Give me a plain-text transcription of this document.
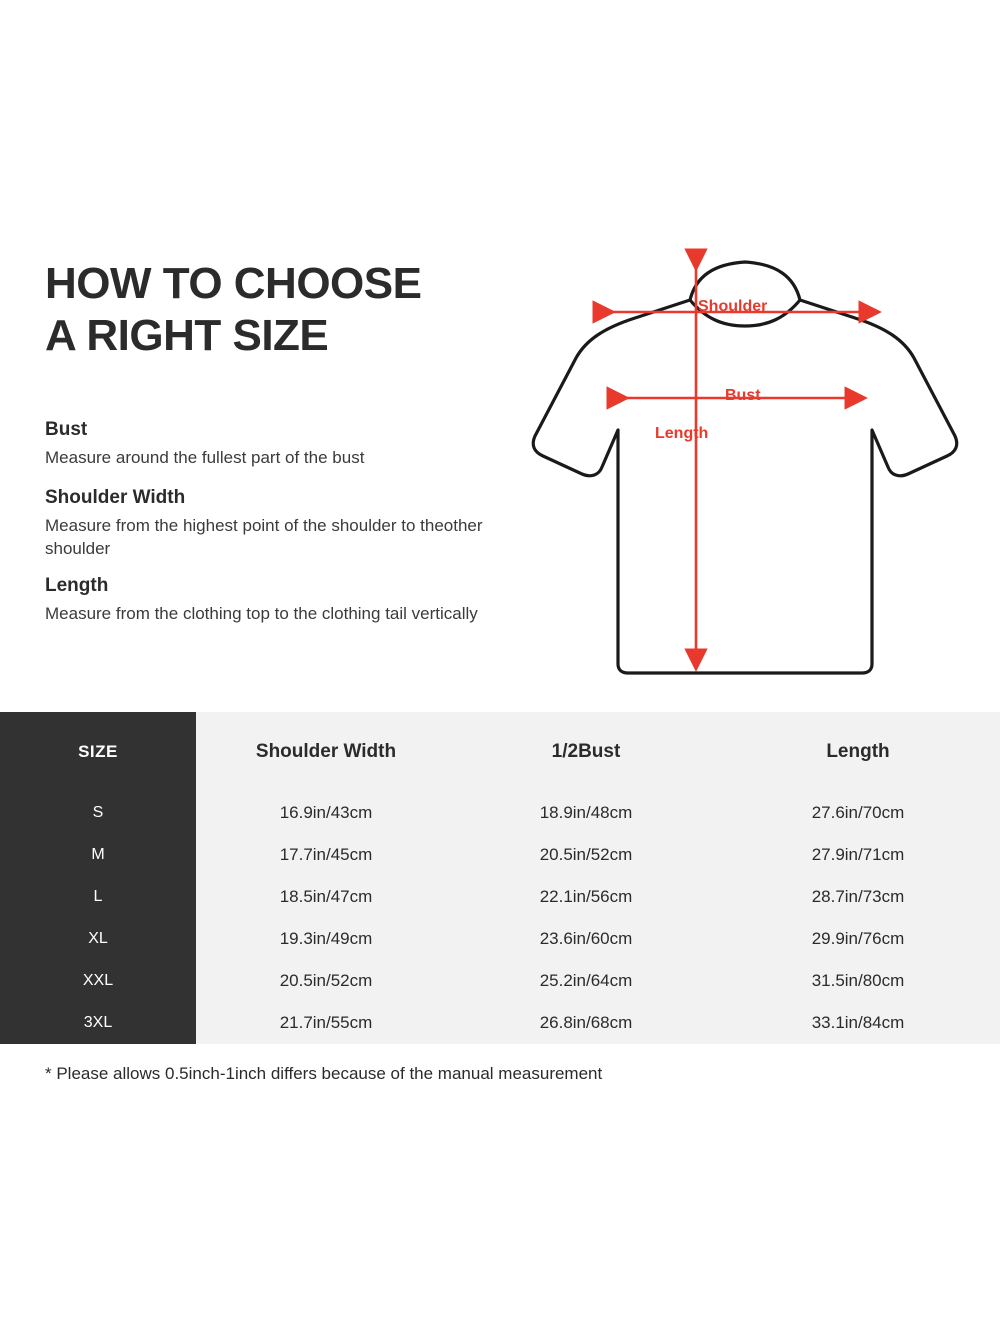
HOW TO CHOOSE
A RIGHT SIZE

Bust

Measure around the fullest part of the bust

Shoulder Width

Measure from the highest point of the shoulder to theother shoulder

Length

Measure from the clothing top to the clothing tail vertically

Shoulder
Bust
Length
SIZE	Shoulder Width	1/2Bust	Length
S	16.9in/43cm	18.9in/48cm	27.6in/70cm
M	17.7in/45cm	20.5in/52cm	27.9in/71cm
L	18.5in/47cm	22.1in/56cm	28.7in/73cm
XL	19.3in/49cm	23.6in/60cm	29.9in/76cm
XXL	20.5in/52cm	25.2in/64cm	31.5in/80cm
3XL	21.7in/55cm	26.8in/68cm	33.1in/84cm
* Please allows 0.5inch-1inch differs because of the manual measurement
